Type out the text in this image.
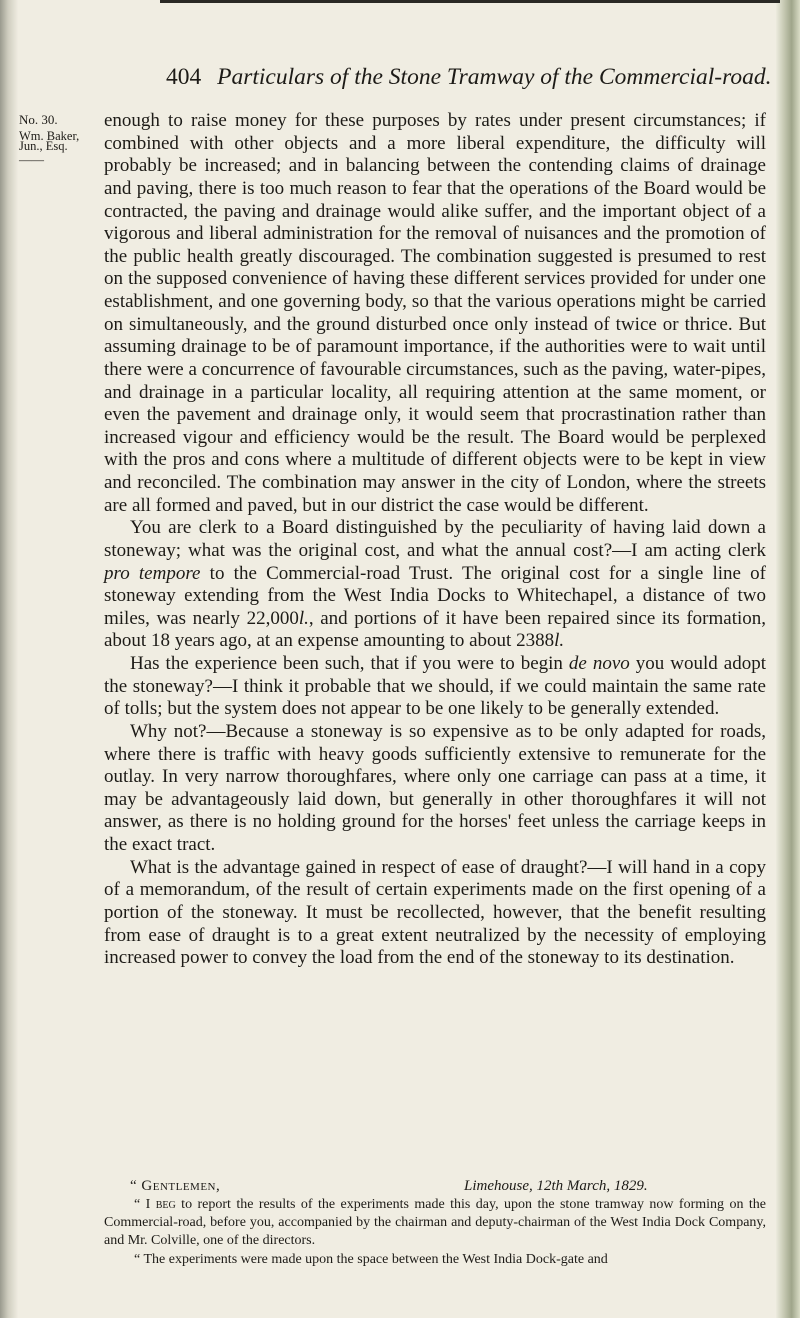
404 Particulars of the Stone Tramway of the Commercial-road.
No. 30.
Wm. Baker,
Jun., Esq.
——

enough to raise money for these purposes by rates under present circumstances; if combined with other objects and a more liberal expenditure, the difficulty will probably be increased; and in balancing between the contending claims of drainage and paving, there is too much reason to fear that the operations of the Board would be contracted, the paving and drainage would alike suffer, and the important object of a vigorous and liberal administration for the removal of nuisances and the promotion of the public health greatly discouraged. The combination suggested is presumed to rest on the supposed convenience of having these different services provided for under one establishment, and one governing body, so that the various operations might be carried on simultaneously, and the ground disturbed once only instead of twice or thrice. But assuming drainage to be of paramount importance, if the authorities were to wait until there were a concurrence of favourable circumstances, such as the paving, water-pipes, and drainage in a particular locality, all requiring attention at the same moment, or even the pavement and drainage only, it would seem that procrastination rather than increased vigour and efficiency would be the result. The Board would be perplexed with the pros and cons where a multitude of different objects were to be kept in view and reconciled. The combination may answer in the city of London, where the streets are all formed and paved, but in our district the case would be different.

You are clerk to a Board distinguished by the peculiarity of having laid down a stoneway; what was the original cost, and what the annual cost?—I am acting clerk pro tempore to the Commercial-road Trust. The original cost for a single line of stoneway extending from the West India Docks to Whitechapel, a distance of two miles, was nearly 22,000l., and portions of it have been repaired since its formation, about 18 years ago, at an expense amounting to about 2388l.

Has the experience been such, that if you were to begin de novo you would adopt the stoneway?—I think it probable that we should, if we could maintain the same rate of tolls; but the system does not appear to be one likely to be generally extended.

Why not?—Because a stoneway is so expensive as to be only adapted for roads, where there is traffic with heavy goods sufficiently extensive to remunerate for the outlay. In very narrow thoroughfares, where only one carriage can pass at a time, it may be advantageously laid down, but generally in other thoroughfares it will not answer, as there is no holding ground for the horses' feet unless the carriage keeps in the exact tract.

What is the advantage gained in respect of ease of draught?—I will hand in a copy of a memorandum, of the result of certain experiments made on the first opening of a portion of the stoneway. It must be recollected, however, that the benefit resulting from ease of draught is to a great extent neutralized by the necessity of employing increased power to convey the load from the end of the stoneway to its destination.

“ Gentlemen,	Limehouse, 12th March, 1829.

“ I beg to report the results of the experiments made this day, upon the stone tramway now forming on the Commercial-road, before you, accompanied by the chairman and deputy-chairman of the West India Dock Company, and Mr. Colville, one of the directors.

“ The experiments were made upon the space between the West India Dock-gate and
